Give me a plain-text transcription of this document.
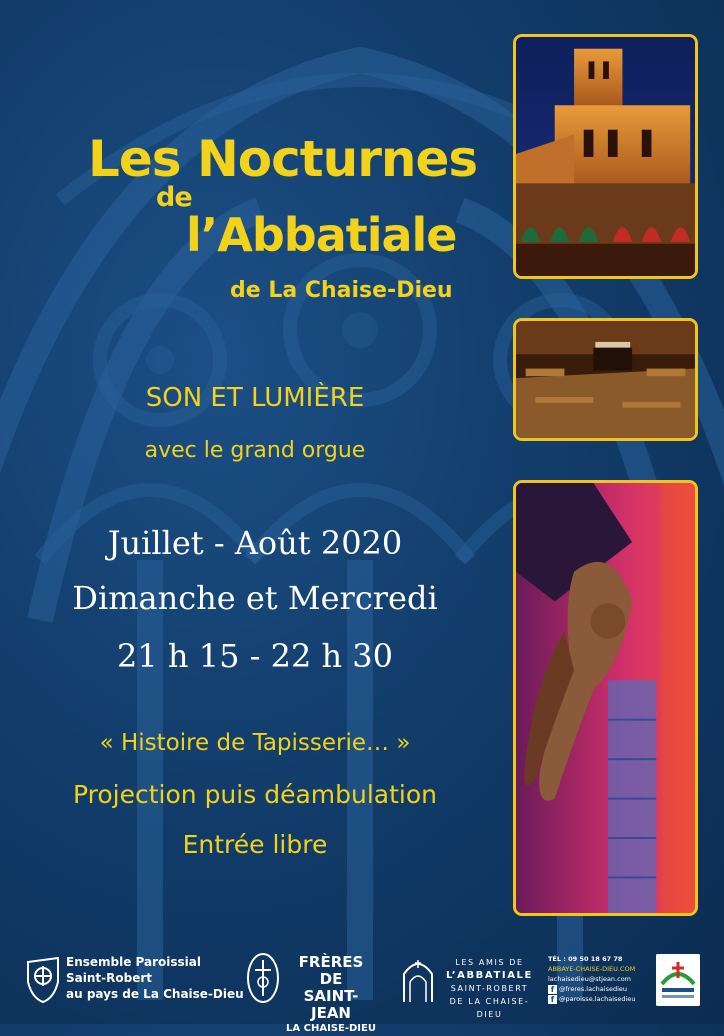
Les Nocturnes
de
l’Abbatiale
de La Chaise-Dieu
SON ET LUMIÈRE
avec le grand orgue
Juillet - Août 2020
Dimanche et Mercredi
21 h 15 - 22 h 30
« Histoire de Tapisserie… »
Projection puis déambulation
Entrée libre
Ensemble Paroissial
Saint-Robert
au pays de La Chaise-Dieu
FRÈRES DE
SAINT-JEAN
LA CHAISE-DIEU
LES AMIS DE
L’ABBATIALE
SAINT-ROBERT
DE LA CHAISE-DIEU
TÉL : 09 50 18 67 78
ABBAYE-CHAISE-DIEU.COM
lachaisedieu@stjean.com
f @freres.lachaisedieu
f @paroisse.lachaisedieu
